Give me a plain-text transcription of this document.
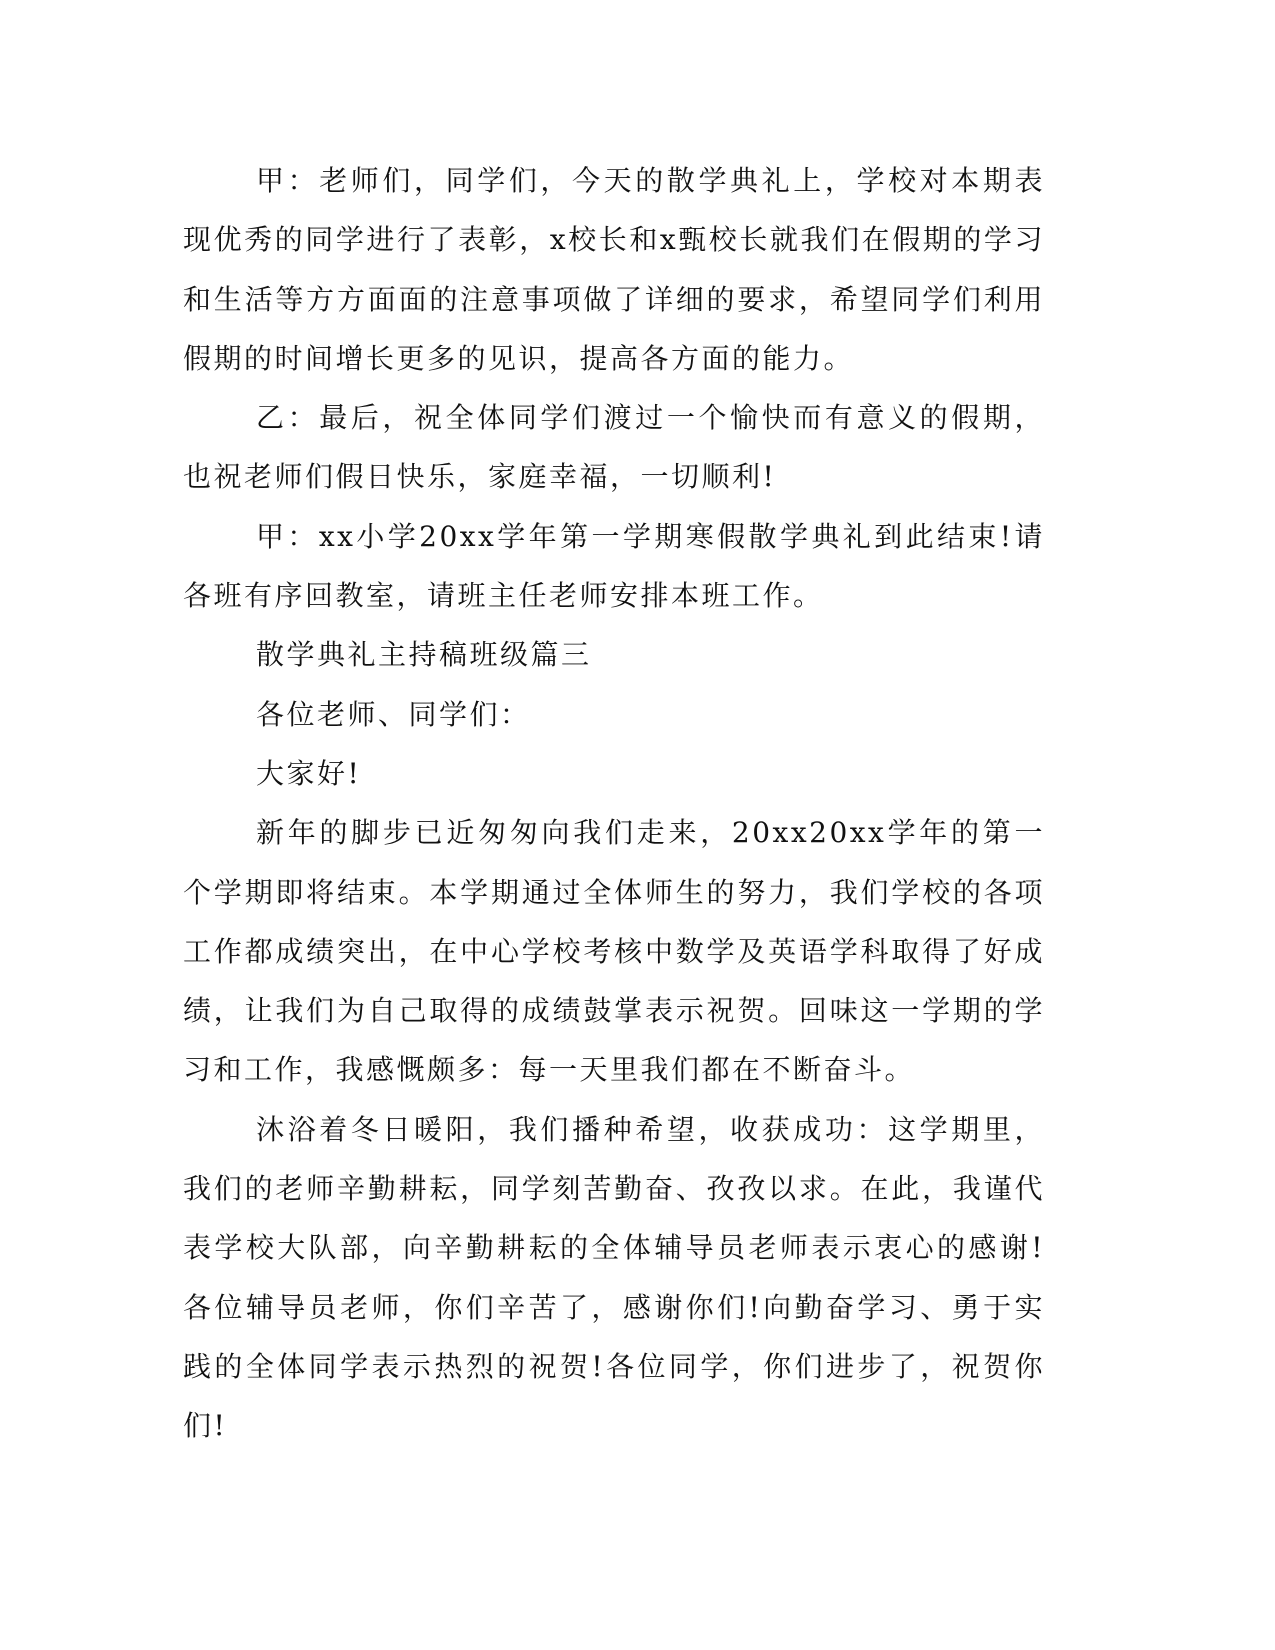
甲：老师们，同学们，今天的散学典礼上，学校对本期表现优秀的同学进行了表彰，x校长和x甄校长就我们在假期的学习和生活等方方面面的注意事项做了详细的要求，希望同学们利用假期的时间增长更多的见识，提高各方面的能力。

乙：最后，祝全体同学们渡过一个愉快而有意义的假期，也祝老师们假日快乐，家庭幸福，一切顺利!

甲：xx小学20xx学年第一学期寒假散学典礼到此结束!请各班有序回教室，请班主任老师安排本班工作。

散学典礼主持稿班级篇三

各位老师、同学们：

大家好!

新年的脚步已近匆匆向我们走来，20xx20xx学年的第一个学期即将结束。本学期通过全体师生的努力，我们学校的各项工作都成绩突出，在中心学校考核中数学及英语学科取得了好成绩，让我们为自己取得的成绩鼓掌表示祝贺。回味这一学期的学习和工作，我感慨颇多：每一天里我们都在不断奋斗。

沐浴着冬日暖阳，我们播种希望，收获成功：这学期里，我们的老师辛勤耕耘，同学刻苦勤奋、孜孜以求。在此，我谨代表学校大队部，向辛勤耕耘的全体辅导员老师表示衷心的感谢!各位辅导员老师，你们辛苦了，感谢你们!向勤奋学习、勇于实践的全体同学表示热烈的祝贺!各位同学，你们进步了，祝贺你们!
